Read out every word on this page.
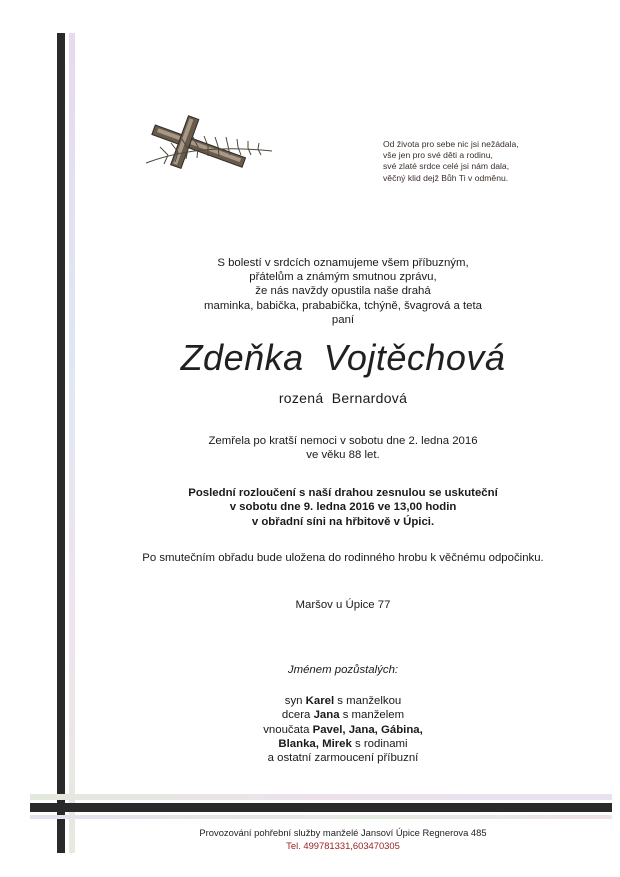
Od života pro sebe nic jsi nežádala,
vše jen pro své děti a rodinu,
své zlaté srdce celé jsi nám dala,
věčný klid dejž Bůh Ti v odměnu.
S bolestí v srdcích oznamujeme všem příbuzným,
přátelům a známým smutnou zprávu,
že nás navždy opustila naše drahá
maminka, babička, prababička, tchýně, švagrová a teta
paní
Zdeňka Vojtěchová
rozená  Bernardová
Zemřela po kratší nemoci v sobotu dne 2. ledna 2016
ve věku 88 let.
Poslední rozloučení s naší drahou zesnulou se uskuteční
v sobotu dne 9. ledna 2016 ve 13,00 hodin
v obřadní síni na hřbitově v Úpici.
Po smutečním obřadu bude uložena do rodinného hrobu k věčnému odpočinku.
Maršov u Úpice 77
Jménem pozůstalých:
syn Karel s manželkou
dcera Jana s manželem
vnoučata Pavel, Jana, Gábina,
Blanka, Mirek s rodinami
a ostatní zarmoucení příbuzní
Provozování pohřební služby manželé Jansoví Úpice Regnerova 485
Tel. 499781331,603470305
